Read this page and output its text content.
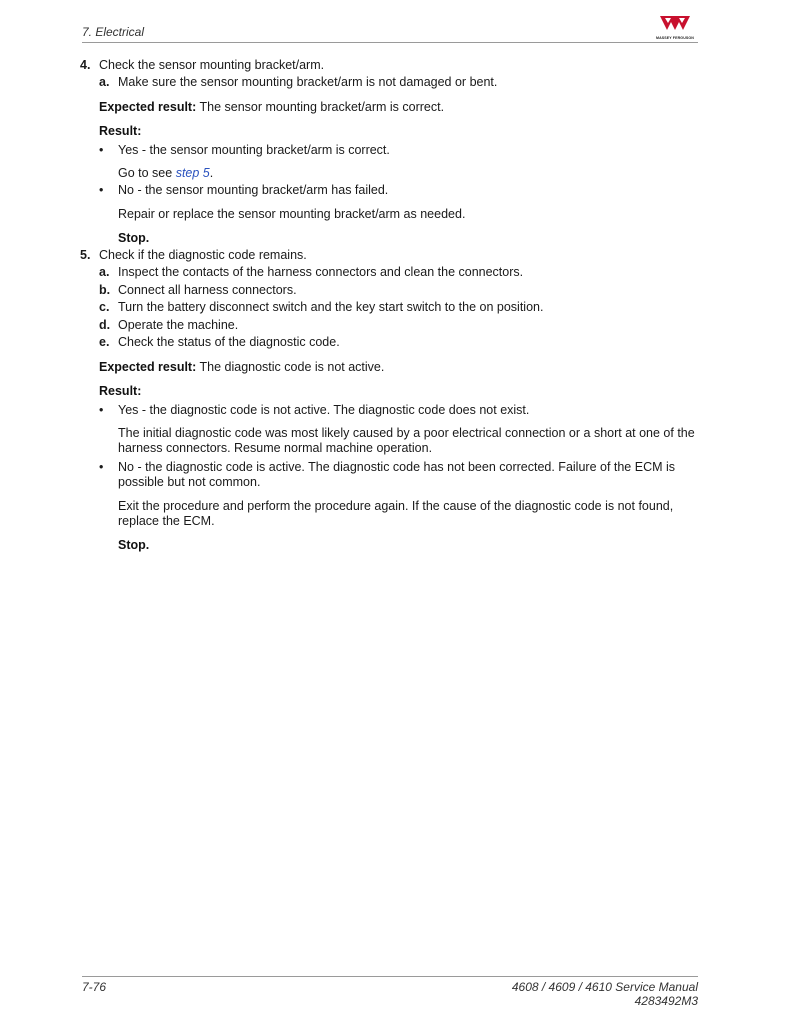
7. Electrical	MASSEY FERGUSON
4. Check the sensor mounting bracket/arm.
a. Make sure the sensor mounting bracket/arm is not damaged or bent.
Expected result: The sensor mounting bracket/arm is correct.
Result:
• Yes - the sensor mounting bracket/arm is correct.
Go to see step 5.
• No - the sensor mounting bracket/arm has failed.
Repair or replace the sensor mounting bracket/arm as needed.
Stop.
5. Check if the diagnostic code remains.
a. Inspect the contacts of the harness connectors and clean the connectors.
b. Connect all harness connectors.
c. Turn the battery disconnect switch and the key start switch to the on position.
d. Operate the machine.
e. Check the status of the diagnostic code.
Expected result: The diagnostic code is not active.
Result:
• Yes - the diagnostic code is not active. The diagnostic code does not exist.
The initial diagnostic code was most likely caused by a poor electrical connection or a short at one of the harness connectors. Resume normal machine operation.
• No - the diagnostic code is active. The diagnostic code has not been corrected. Failure of the ECM is possible but not common.
Exit the procedure and perform the procedure again. If the cause of the diagnostic code is not found, replace the ECM.
Stop.
7-76	4608 / 4609 / 4610 Service Manual
4283492M3
